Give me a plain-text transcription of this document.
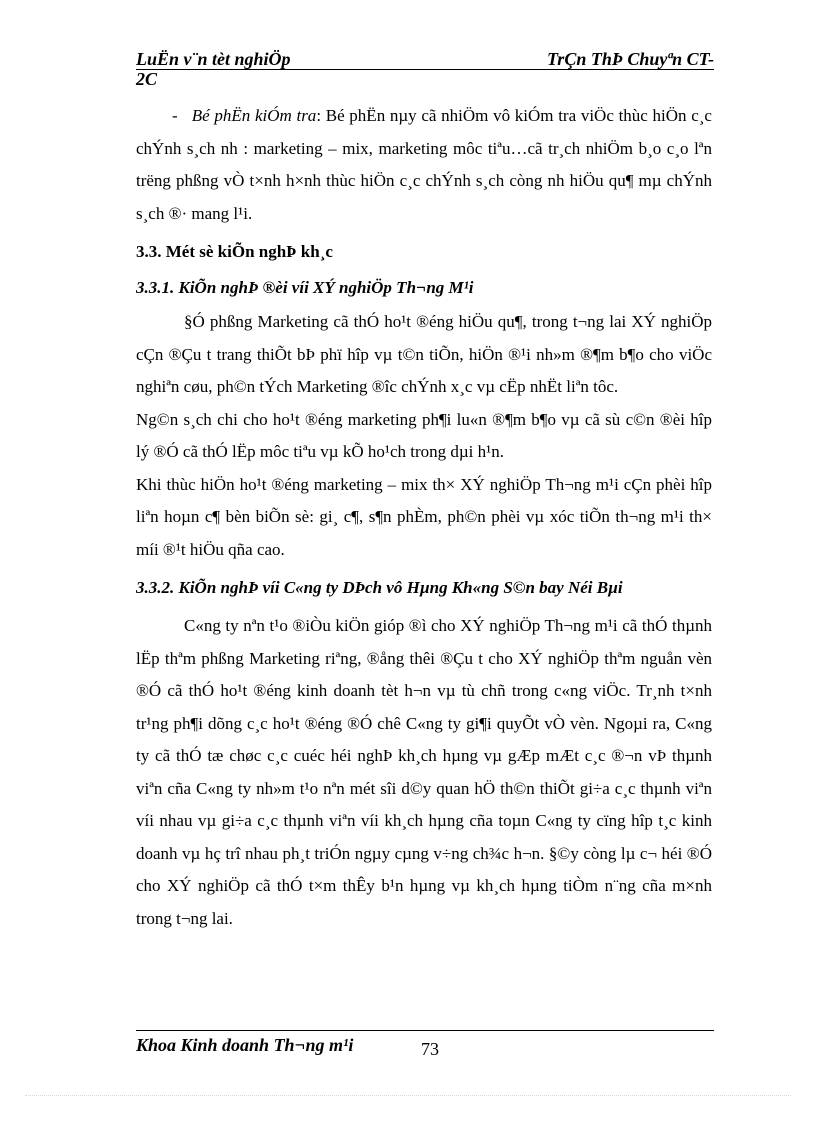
LuËn v¨n tèt nghiÖp	TrÇn ThÞ Chuyªn CT-
2C

-   Bé phËn kiÓm tra: Bé phËn nµy cã nhiÖm vô kiÓm tra viÖc thùc hiÖn c¸c chÝnh s¸ch nh : marketing – mix, marketing môc tiªu…cã tr¸ch nhiÖm b¸o c¸o lªn trëng phßng vÒ t×nh h×nh thùc hiÖn c¸c chÝnh s¸ch còng nh hiÖu qu¶ mµ chÝnh s¸ch ®· mang l¹i.

3.3. Mét sè kiÕn nghÞ kh¸c
3.3.1. KiÕn nghÞ ®èi víi XÝ nghiÖp Th¬ng M¹i

§Ó phßng Marketing cã thÓ ho¹t ®éng hiÖu qu¶, trong t¬ng lai XÝ nghiÖp cÇn ®Çu t trang thiÕt bÞ phï hîp vµ t©n tiÕn, hiÖn ®¹i nh»m ®¶m b¶o cho viÖc nghiªn cøu, ph©n tÝch Marketing ®îc chÝnh x¸c vµ cËp nhËt liªn tôc.

Ng©n s¸ch chi cho ho¹t ®éng marketing ph¶i lu«n ®¶m b¶o vµ cã sù c©n ®èi hîp lý ®Ó cã thÓ lËp môc tiªu vµ kÕ ho¹ch trong dµi h¹n.

Khi thùc hiÖn ho¹t ®éng marketing – mix th× XÝ nghiÖp Th¬ng m¹i cÇn phèi hîp liªn hoµn c¶ bèn biÕn sè: gi¸ c¶, s¶n phÈm, ph©n phèi vµ xóc tiÕn th¬ng m¹i th× míi ®¹t hiÖu qña cao.

3.3.2. KiÕn nghÞ víi C«ng ty DÞch vô Hµng Kh«ng S©n bay Néi Bµi

C«ng ty nªn t¹o ®iÒu kiÖn gióp ®ì cho XÝ nghiÖp Th¬ng m¹i cã thÓ thµnh lËp thªm phßng Marketing riªng, ®ång thêi ®Çu t cho XÝ nghiÖp thªm nguån vèn ®Ó cã thÓ ho¹t ®éng kinh doanh tèt h¬n vµ tù chñ trong c«ng viÖc. Tr¸nh t×nh tr¹ng ph¶i dõng c¸c ho¹t ®éng ®Ó chê C«ng ty gi¶i quyÕt vÒ vèn. Ngoµi ra, C«ng ty cã thÓ tæ chøc c¸c cuéc héi nghÞ kh¸ch hµng vµ gÆp mÆt c¸c ®¬n vÞ thµnh viªn cña C«ng ty nh»m t¹o nªn mét sîi d©y quan hÖ th©n thiÕt gi÷a c¸c thµnh viªn víi nhau vµ gi÷a c¸c thµnh viªn víi kh¸ch hµng cña toµn C«ng ty cïng hîp t¸c kinh doanh vµ hç trî nhau ph¸t triÓn ngµy cµng v÷ng ch¾c h¬n. §©y còng lµ c¬ héi ®Ó cho XÝ nghiÖp cã thÓ t×m thÊy b¹n hµng vµ kh¸ch hµng tiÒm n¨ng cña m×nh trong t¬ng lai.

Khoa Kinh doanh Th¬ng m¹i	73
